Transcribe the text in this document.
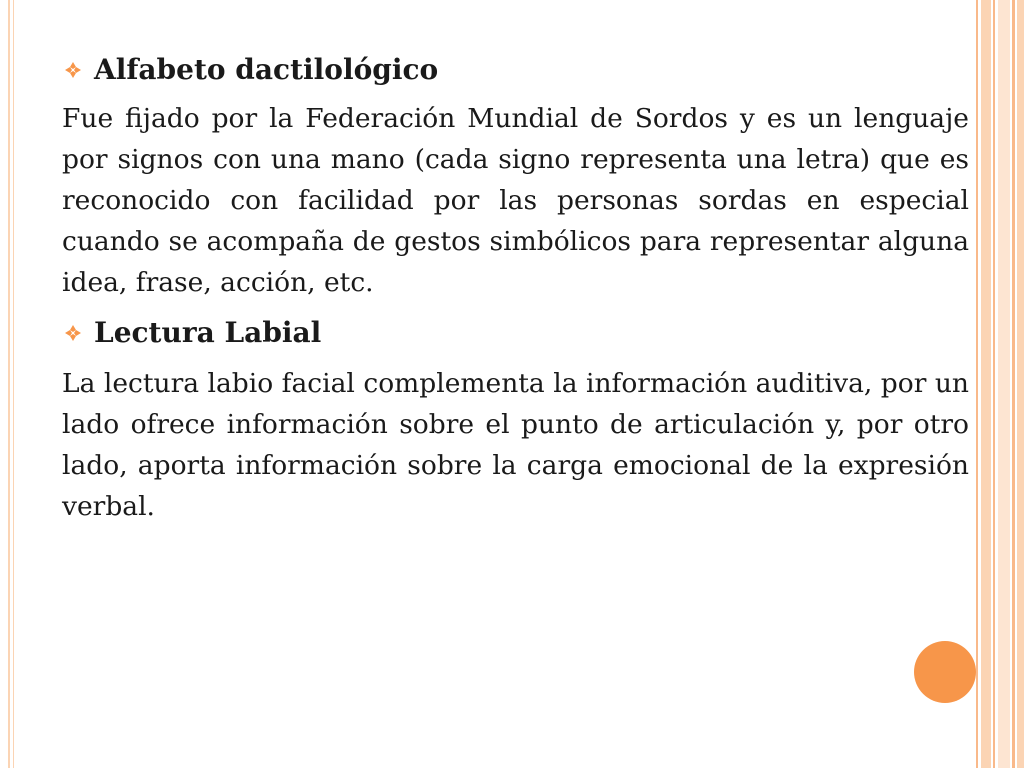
Alfabeto dactilológico
Fue fijado por la Federación Mundial de Sordos y es un lenguaje por signos con una mano (cada signo representa una letra) que es reconocido con facilidad por las personas sordas en especial cuando se acompaña de gestos simbólicos para representar alguna idea, frase, acción, etc.
Lectura Labial
La lectura labio facial complementa la información auditiva, por un lado ofrece información sobre el punto de articulación y, por otro lado, aporta información sobre la carga emocional de la expresión verbal.
